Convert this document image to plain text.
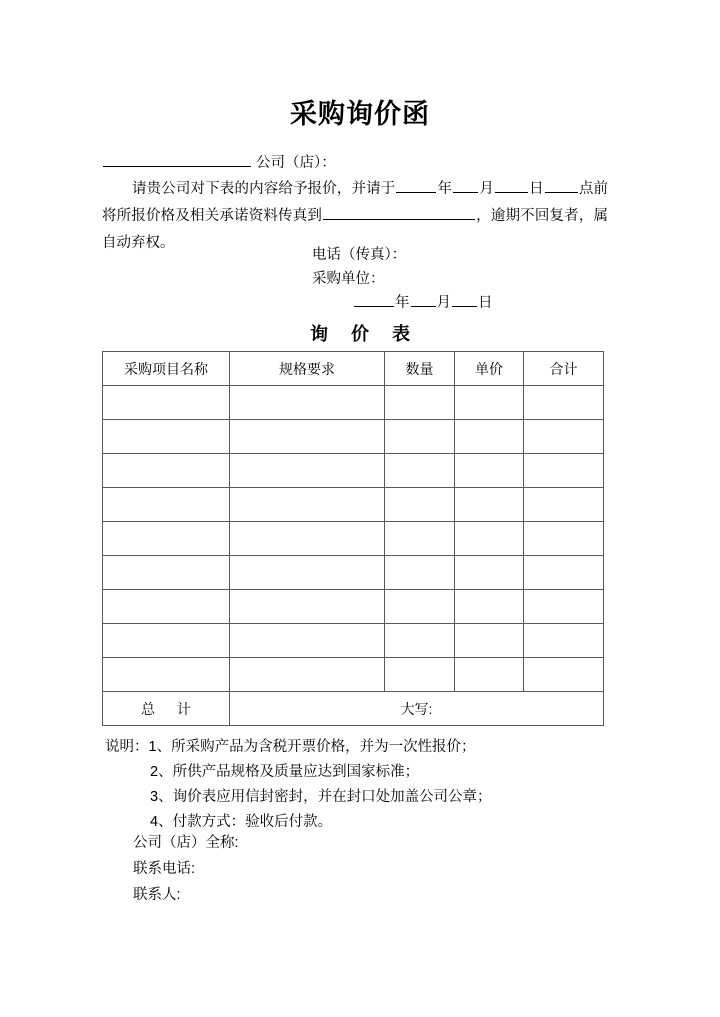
采购询价函
公司（店）：
请贵公司对下表的内容给予报价，并请于	年 月 日 点前将所报价格及相关承诺资料传真到	，逾期不回复者，属自动弃权。
电话（传真）：
采购单位：
年 月 日
询 价 表
采购项目名称	规格要求	数量	单价	合计

总 计	大写:			
说明：1、所采购产品为含税开票价格，并为一次性报价；
2、所供产品规格及质量应达到国家标准；
3、询价表应用信封密封，并在封口处加盖公司公章；
4、付款方式：验收后付款。
公司（店）全称:
联系电话:
联系人:
